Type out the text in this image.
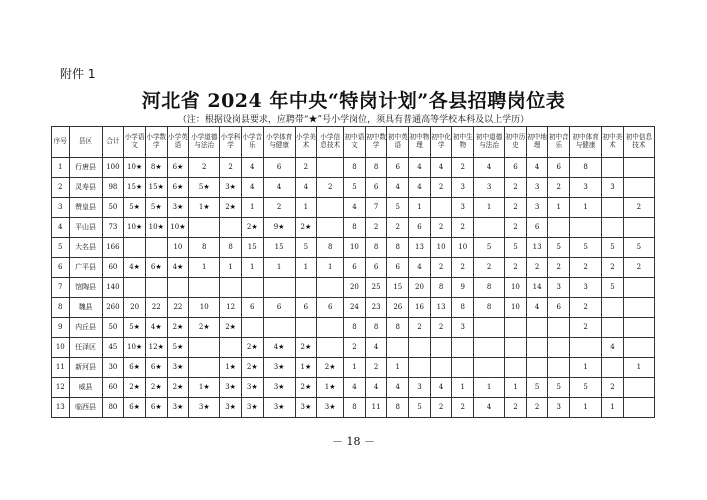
附件 1
河北省 2024 年中央“特岗计划”各县招聘岗位表
（注：根据设岗县要求，应聘带“★”号小学岗位，须具有普通高等学校本科及以上学历）
序号	县区	合计	小学语文	小学数学	小学英语	小学道德与法治	小学科学	小学音乐	小学体育与健康	小学美术	小学信息技术	初中语文	初中数学	初中英语	初中物理	初中化学	初中生物	初中道德与法治	初中历史	初中地理	初中音乐	初中体育与健康	初中美术	初中信息技术
1	行唐县	100	10★	8★	6★	2	2	4	6	2		8	8	6	4	4	2	4	6	4	6	8		
2	灵寿县	98	15★	15★	6★	5★	3★	4	4	4	2	5	6	4	4	2	3	3	2	3	2	3	3	
3	赞皇县	50	5★	5★	3★	1★	2★	1	2	1		4	7	5	1		3	1	2	3	1	1		2
4	平山县	73	10★	10★	10★			2★	9★	2★		8	2	2	6	2	2		2	6				
5	大名县	166			10	8	8	15	15	5	8	10	8	8	13	10	10	5	5	13	5	5	5	5
6	广平县	60	4★	6★	4★	1	1	1	1	1	1	6	6	6	4	2	2	2	2	2	2	2	2	2
7	馆陶县	140										20	25	15	20	8	9	8	10	14	3	3	5	
8	魏县	260	20	22	22	10	12	6	6	6	6	24	23	26	16	13	8	8	10	4	6	2		
9	内丘县	50	5★	4★	2★	2★	2★					8	8	8	2	2	3					2		
10	任泽区	45	10★	12★	5★			2★	4★	2★		2	4										4	
11	新河县	30	6★	6★	3★		1★	2★	3★	1★	2★	1	2	1								1		1
12	威县	60	2★	2★	2★	1★	3★	3★	3★	2★	1★	4	4	4	3	4	1	1	1	5	5	5	2	
13	临西县	80	6★	6★	3★	3★	3★	3★	3★	3★	3★	8	11	8	5	2	2	4	2	2	3	1	1	
－ 18 －
